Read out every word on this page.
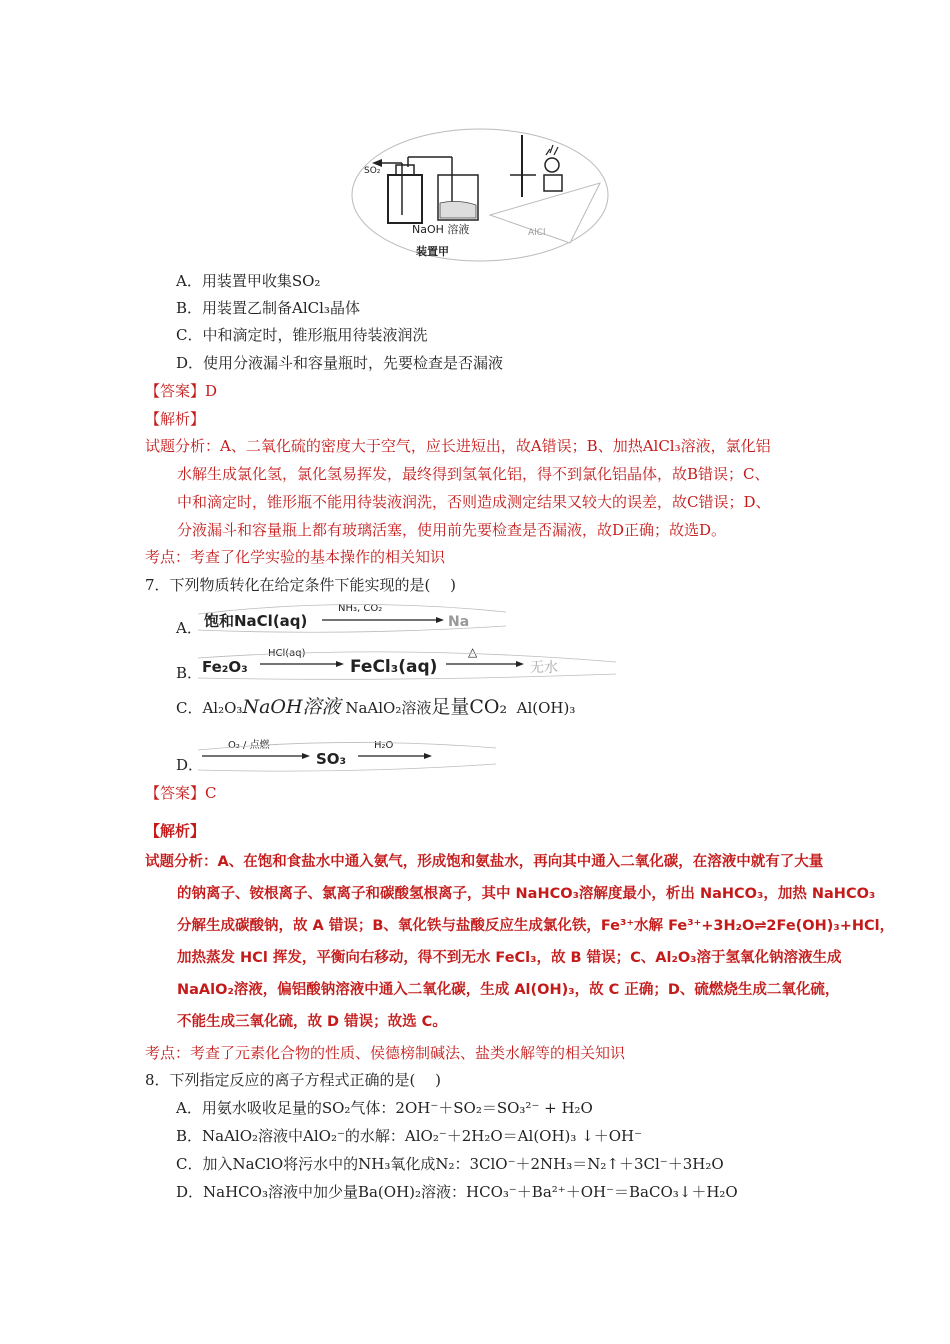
SO₂
NaOH 溶液	AlCl
装置甲
A．用装置甲收集SO₂
B．用装置乙制备AlCl₃晶体
C．中和滴定时，锥形瓶用待装液润洗
D．使用分液漏斗和容量瓶时，先要检查是否漏液
【答案】D
【解析】
试题分析：A、二氧化硫的密度大于空气，应长进短出，故A错误；B、加热AlCl₃溶液，氯化铝
水解生成氯化氢，氯化氢易挥发，最终得到氢氧化铝，得不到氯化铝晶体，故B错误；C、
中和滴定时，锥形瓶不能用待装液润洗，否则造成测定结果又较大的误差，故C错误；D、
分液漏斗和容量瓶上都有玻璃活塞，使用前先要检查是否漏液，故D正确；故选D。
考点：考查了化学实验的基本操作的相关知识
7．下列物质转化在给定条件下能实现的是(　 )
A． 饱和NaCl(aq)
NH₃, CO₂
Na
B． Fe₂O₃
HCl(aq)
FeCl₃(aq)
△
无水
C．Al₂O₃NaOH溶液 NaAlO₂溶液足量CO₂ Al(OH)₃
D．
O₂ / 点燃
SO₃
H₂O
【答案】C
【解析】
试题分析：A、在饱和食盐水中通入氨气，形成饱和氨盐水，再向其中通入二氧化碳，在溶液中就有了大量
的钠离子、铵根离子、氯离子和碳酸氢根离子，其中 NaHCO₃溶解度最小，析出 NaHCO₃，加热 NaHCO₃
分解生成碳酸钠，故 A 错误；B、氧化铁与盐酸反应生成氯化铁，Fe³⁺水解 Fe³⁺+3H₂O⇌2Fe(OH)₃+HCl，
加热蒸发 HCl 挥发，平衡向右移动，得不到无水 FeCl₃，故 B 错误；C、Al₂O₃溶于氢氧化钠溶液生成
NaAlO₂溶液，偏铝酸钠溶液中通入二氧化碳，生成 Al(OH)₃，故 C 正确；D、硫燃烧生成二氧化硫，
不能生成三氧化硫，故 D 错误；故选 C。
考点：考查了元素化合物的性质、侯德榜制碱法、盐类水解等的相关知识
8．下列指定反应的离子方程式正确的是(　 )
A．用氨水吸收足量的SO₂气体：2OH⁻＋SO₂＝SO₃²⁻ + H₂O
B．NaAlO₂溶液中AlO₂⁻的水解：AlO₂⁻＋2H₂O＝Al(OH)₃ ↓＋OH⁻
C．加入NaClO将污水中的NH₃氧化成N₂：3ClO⁻＋2NH₃＝N₂↑＋3Cl⁻＋3H₂O
D．NaHCO₃溶液中加少量Ba(OH)₂溶液：HCO₃⁻＋Ba²⁺＋OH⁻＝BaCO₃↓＋H₂O
